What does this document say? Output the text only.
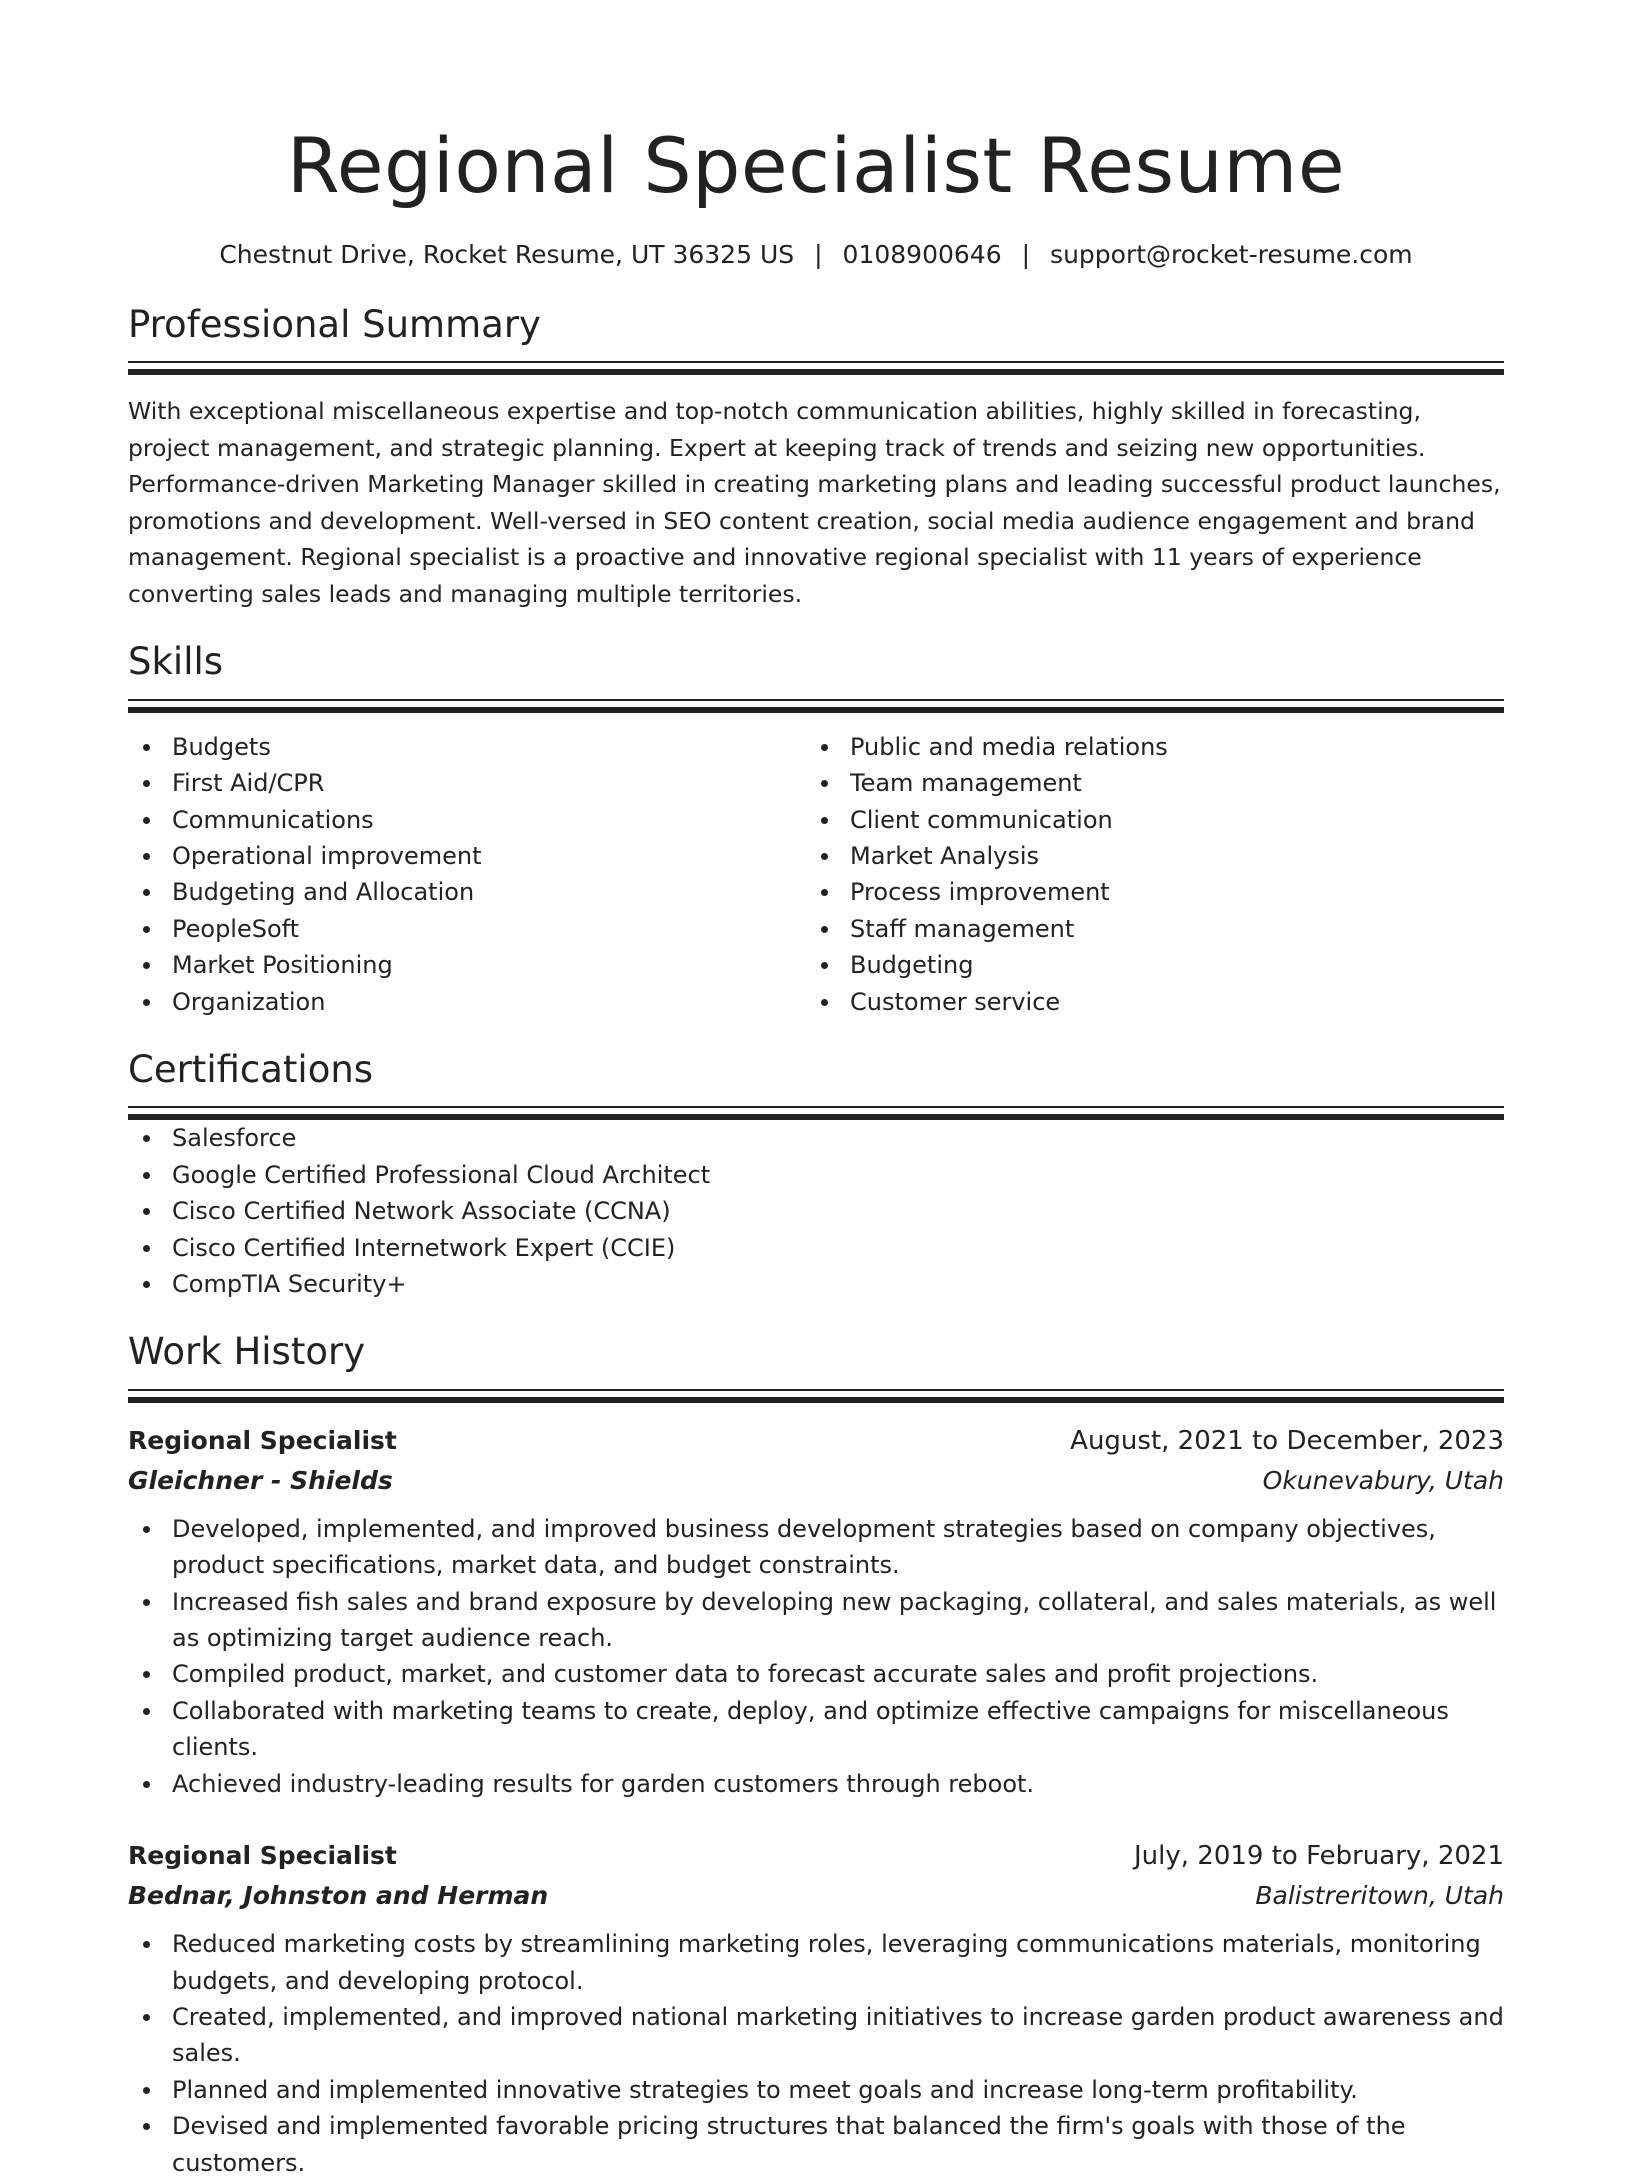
Regional Specialist Resume
Chestnut Drive, Rocket Resume, UT 36325 US | 0108900646 | support@rocket-resume.com
Professional Summary

With exceptional miscellaneous expertise and top-notch communication abilities, highly skilled in forecasting, project management, and strategic planning. Expert at keeping track of trends and seizing new opportunities. Performance-driven Marketing Manager skilled in creating marketing plans and leading successful product launches, promotions and development. Well-versed in SEO content creation, social media audience engagement and brand management. Regional specialist is a proactive and innovative regional specialist with 11 years of experience converting sales leads and managing multiple territories.

Skills
Budgets
First Aid/CPR
Communications
Operational improvement
Budgeting and Allocation
PeopleSoft
Market Positioning
Organization
Public and media relations
Team management
Client communication
Market Analysis
Process improvement
Staff management
Budgeting
Customer service
Certifications
Salesforce
Google Certified Professional Cloud Architect
Cisco Certified Network Associate (CCNA)
Cisco Certified Internetwork Expert (CCIE)
CompTIA Security+
Work History
Regional Specialist	August, 2021 to December, 2023
Gleichner - Shields	Okunevabury, Utah
Developed, implemented, and improved business development strategies based on company objectives, product specifications, market data, and budget constraints.
Increased fish sales and brand exposure by developing new packaging, collateral, and sales materials, as well as optimizing target audience reach.
Compiled product, market, and customer data to forecast accurate sales and profit projections.
Collaborated with marketing teams to create, deploy, and optimize effective campaigns for miscellaneous clients.
Achieved industry-leading results for garden customers through reboot.
Regional Specialist	July, 2019 to February, 2021
Bednar, Johnston and Herman	Balistreritown, Utah
Reduced marketing costs by streamlining marketing roles, leveraging communications materials, monitoring budgets, and developing protocol.
Created, implemented, and improved national marketing initiatives to increase garden product awareness and sales.
Planned and implemented innovative strategies to meet goals and increase long-term profitability.
Devised and implemented favorable pricing structures that balanced the firm's goals with those of the customers.
